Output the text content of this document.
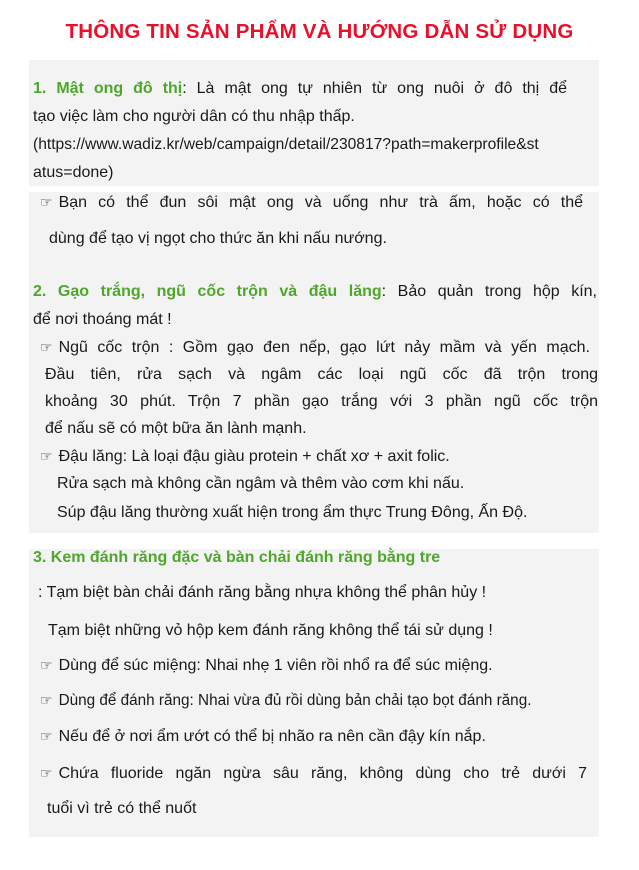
THÔNG TIN SẢN PHẨM VÀ HƯỚNG DẪN SỬ DỤNG
1. Mật ong đô thị: Là mật ong tự nhiên từ ong nuôi ở đô thị để
tạo việc làm cho người dân có thu nhập thấp.
(https://www.wadiz.kr/web/campaign/detail/230817?path=makerprofile&st
atus=done)
☞ Bạn có thể đun sôi mật ong và uống như trà ấm, hoặc có thể
dùng để tạo vị ngọt cho thức ăn khi nấu nướng.
2. Gạo trắng, ngũ cốc trộn và đậu lăng: Bảo quản trong hộp kín,
để nơi thoáng mát !
☞ Ngũ cốc trộn : Gồm gạo đen nếp, gạo lứt nảy mầm và yến mạch.
Đầu tiên, rửa sạch và ngâm các loại ngũ cốc đã trộn trong
khoảng 30 phút. Trộn 7 phần gạo trắng với 3 phần ngũ cốc trộn
để nấu sẽ có một bữa ăn lành mạnh.
☞ Đậu lăng: Là loại đậu giàu protein + chất xơ + axit folic.
Rửa sạch mà không cần ngâm và thêm vào cơm khi nấu.
Súp đậu lăng thường xuất hiện trong ẩm thực Trung Đông, Ấn Độ.
3. Kem đánh răng đặc và bàn chải đánh răng bằng tre
: Tạm biệt bàn chải đánh răng bằng nhựa không thể phân hủy !
Tạm biệt những vỏ hộp kem đánh răng không thể tái sử dụng !
☞ Dùng để súc miệng: Nhai nhẹ 1 viên rồi nhổ ra để súc miệng.
☞ Dùng để đánh răng: Nhai vừa đủ rồi dùng bản chải tạo bọt đánh răng.
☞ Nếu để ở nơi ẩm ướt có thể bị nhão ra nên cần đậy kín nắp.
☞ Chứa fluoride ngăn ngừa sâu răng, không dùng cho trẻ dưới 7
tuổi vì trẻ có thể nuốt
